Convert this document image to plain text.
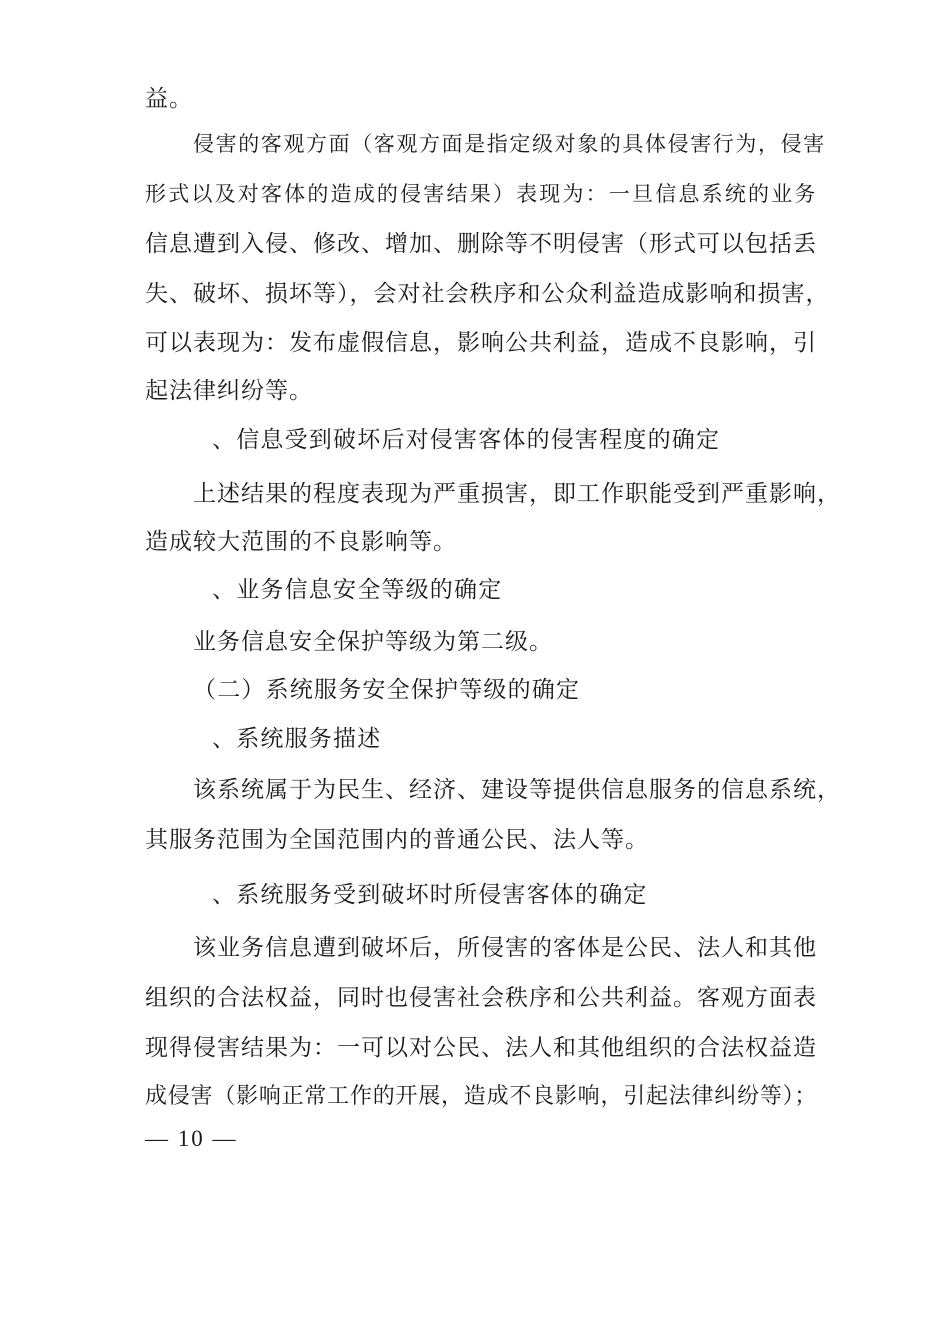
益。
侵害的客观方面（客观方面是指定级对象的具体侵害行为，侵害
形式以及对客体的造成的侵害结果）表现为：一旦信息系统的业务
信息遭到入侵、修改、增加、删除等不明侵害（形式可以包括丢
失、破坏、损坏等），会对社会秩序和公众利益造成影响和损害，
可以表现为：发布虚假信息，影响公共利益，造成不良影响，引
起法律纠纷等。
、信息受到破坏后对侵害客体的侵害程度的确定
上述结果的程度表现为严重损害，即工作职能受到严重影响，
造成较大范围的不良影响等。
、业务信息安全等级的确定
业务信息安全保护等级为第二级。
（二）系统服务安全保护等级的确定
、系统服务描述
该系统属于为民生、经济、建设等提供信息服务的信息系统，
其服务范围为全国范围内的普通公民、法人等。
、系统服务受到破坏时所侵害客体的确定
该业务信息遭到破坏后，所侵害的客体是公民、法人和其他
组织的合法权益，同时也侵害社会秩序和公共利益。客观方面表
现得侵害结果为：一可以对公民、法人和其他组织的合法权益造
成侵害（影响正常工作的开展，造成不良影响，引起法律纠纷等）；
— 10 —
